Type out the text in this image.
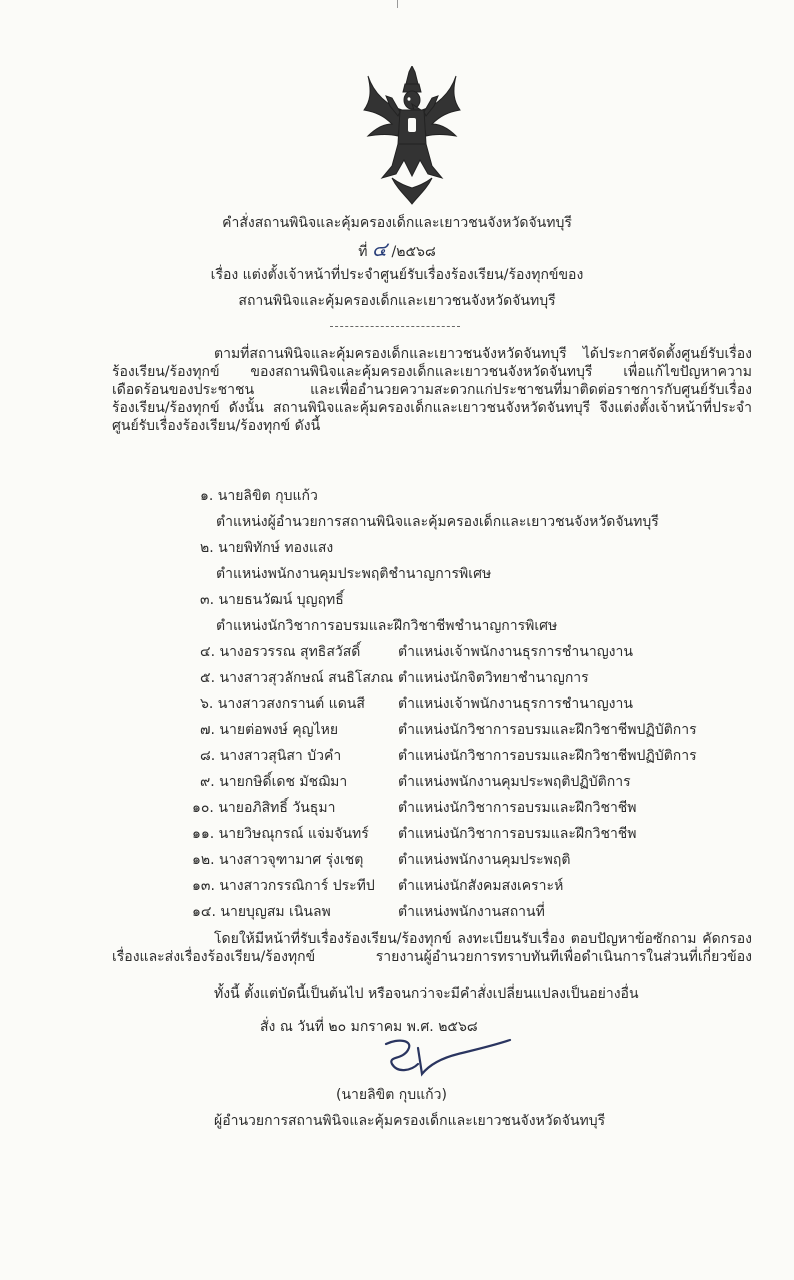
คำสั่งสถานพินิจและคุ้มครองเด็กและเยาวชนจังหวัดจันทบุรี
ที่ ๔ /๒๕๖๘
เรื่อง แต่งตั้งเจ้าหน้าที่ประจำศูนย์รับเรื่องร้องเรียน/ร้องทุกข์ของ
สถานพินิจและคุ้มครองเด็กและเยาวชนจังหวัดจันทบุรี
ตามที่สถานพินิจและคุ้มครองเด็กและเยาวชนจังหวัดจันทบุรี ได้ประกาศจัดตั้งศูนย์รับเรื่อง
ร้องเรียน/ร้องทุกข์ ของสถานพินิจและคุ้มครองเด็กและเยาวชนจังหวัดจันทบุรี เพื่อแก้ไขปัญหาความ
เดือดร้อนของประชาชน และเพื่ออำนวยความสะดวกแก่ประชาชนที่มาติดต่อราชการกับศูนย์รับเรื่อง
ร้องเรียน/ร้องทุกข์ ดังนั้น สถานพินิจและคุ้มครองเด็กและเยาวชนจังหวัดจันทบุรี จึงแต่งตั้งเจ้าหน้าที่ประจำ
ศูนย์รับเรื่องร้องเรียน/ร้องทุกข์ ดังนี้
๑. นายลิขิต กุบแก้ว
ตำแหน่งผู้อำนวยการสถานพินิจและคุ้มครองเด็กและเยาวชนจังหวัดจันทบุรี
๒. นายพิทักษ์ ทองแสง
ตำแหน่งพนักงานคุมประพฤติชำนาญการพิเศษ
๓. นายธนวัฒน์ บุญฤทธิ์
ตำแหน่งนักวิชาการอบรมและฝึกวิชาชีพชำนาญการพิเศษ
๔. นางอรวรรณ สุทธิสวัสดิ์	ตำแหน่งเจ้าพนักงานธุรการชำนาญงาน
๕. นางสาวสุวลักษณ์ สนธิโสภณ ตำแหน่งนักจิตวิทยาชำนาญการ
๖. นางสาวสงกรานต์ แดนสี ตำแหน่งเจ้าพนักงานธุรการชำนาญงาน
๗. นายต่อพงษ์ คุญไหย	ตำแหน่งนักวิชาการอบรมและฝึกวิชาชีพปฏิบัติการ
๘. นางสาวสุนิสา บัวคำ	ตำแหน่งนักวิชาการอบรมและฝึกวิชาชีพปฏิบัติการ
๙. นายกษิดิ์เดช มัชฌิมา	ตำแหน่งพนักงานคุมประพฤติปฏิบัติการ
๑๐. นายอภิสิทธิ์ วันธุมา	ตำแหน่งนักวิชาการอบรมและฝึกวิชาชีพ
๑๑. นายวิษณุกรณ์ แจ่มจันทร์ ตำแหน่งนักวิชาการอบรมและฝึกวิชาชีพ
๑๒. นางสาวจุฑามาศ รุ่งเชตุ ตำแหน่งพนักงานคุมประพฤติ
๑๓. นางสาวกรรณิการ์ ประทีป ตำแหน่งนักสังคมสงเคราะห์
๑๔. นายบุญสม เนินลพ	ตำแหน่งพนักงานสถานที่
โดยให้มีหน้าที่รับเรื่องร้องเรียน/ร้องทุกข์ ลงทะเบียนรับเรื่อง ตอบปัญหาข้อซักถาม คัดกรอง
เรื่องและส่งเรื่องร้องเรียน/ร้องทุกข์ รายงานผู้อำนวยการทราบทันทีเพื่อดำเนินการในส่วนที่เกี่ยวข้อง
ทั้งนี้ ตั้งแต่บัดนี้เป็นต้นไป หรือจนกว่าจะมีคำสั่งเปลี่ยนแปลงเป็นอย่างอื่น
สั่ง ณ วันที่ ๒๐ มกราคม พ.ศ. ๒๕๖๘
(นายลิขิต กุบแก้ว)
ผู้อำนวยการสถานพินิจและคุ้มครองเด็กและเยาวชนจังหวัดจันทบุรี
